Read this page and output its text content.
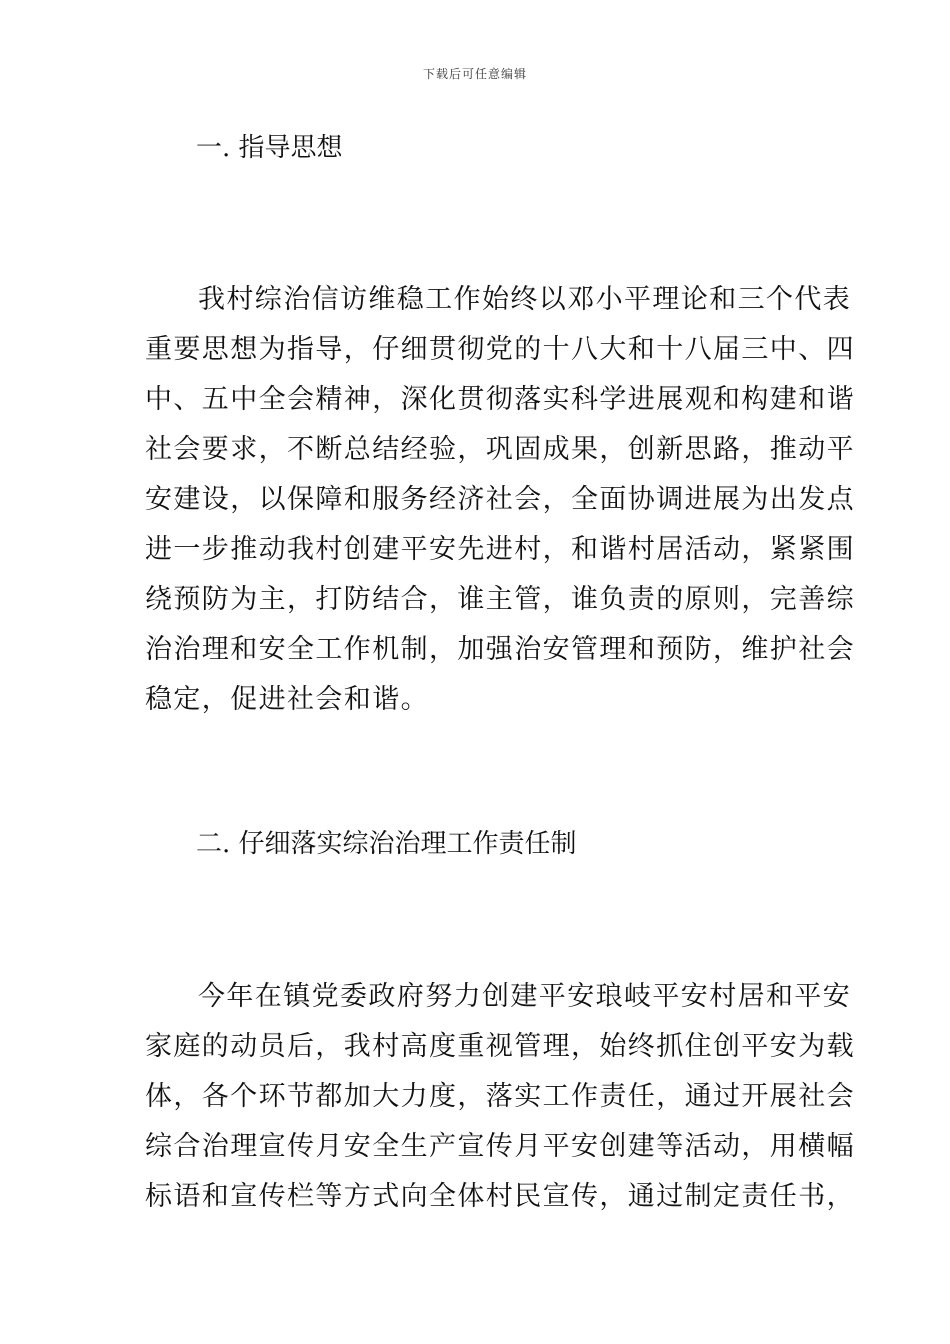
下载后可任意编辑
一. 指导思想
我村综治信访维稳工作始终以邓小平理论和三个代表
重要思想为指导，仔细贯彻党的十八大和十八届三中、四
中、五中全会精神，深化贯彻落实科学进展观和构建和谐
社会要求，不断总结经验，巩固成果，创新思路，推动平
安建设，以保障和服务经济社会，全面协调进展为出发点
进一步推动我村创建平安先进村，和谐村居活动，紧紧围
绕预防为主，打防结合，谁主管，谁负责的原则，完善综
治治理和安全工作机制，加强治安管理和预防，维护社会
稳定，促进社会和谐。
二. 仔细落实综治治理工作责任制
今年在镇党委政府努力创建平安琅岐平安村居和平安
家庭的动员后，我村高度重视管理，始终抓住创平安为载
体，各个环节都加大力度，落实工作责任，通过开展社会
综合治理宣传月安全生产宣传月平安创建等活动，用横幅
标语和宣传栏等方式向全体村民宣传，通过制定责任书，
